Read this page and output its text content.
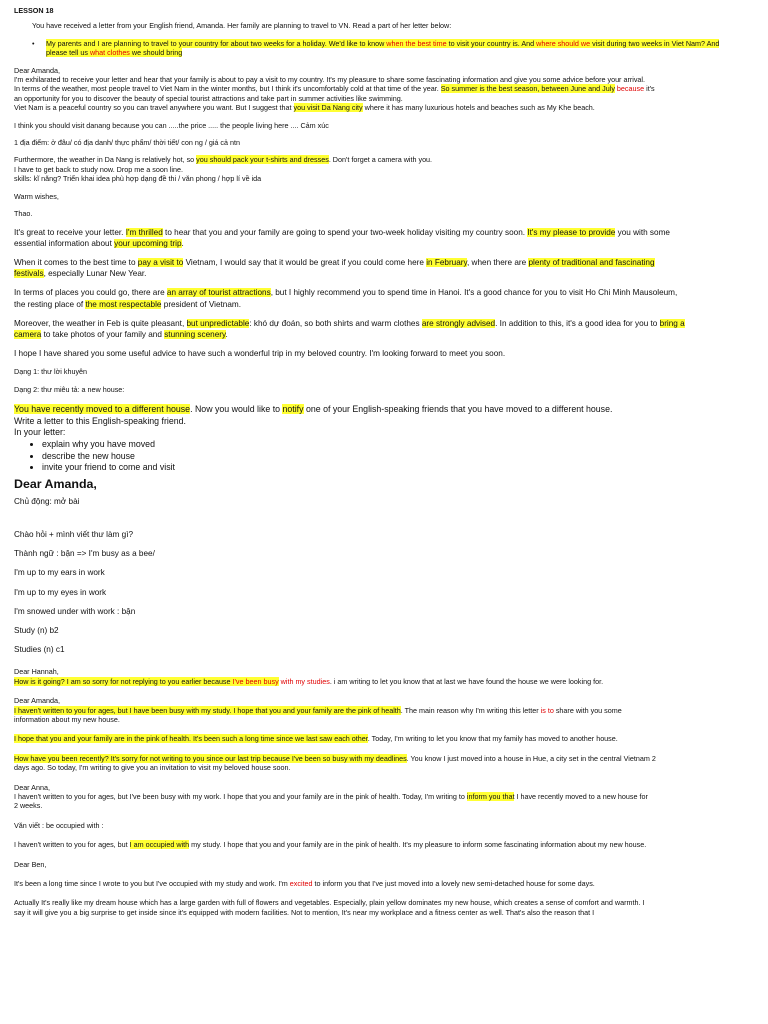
LESSON 18

You have received a letter from your English friend, Amanda. Her family are planning to travel to VN. Read a part of her letter below:

•	My parents and I are planning to travel to your country for about two weeks for a holiday. We'd like to know when the best time to visit your country is. And where should we visit during two weeks in Viet Nam? And

please tell us what clothes we should bring

Dear Amanda,

I'm exhilarated to receive your letter and hear that your family is about to pay a visit to my country. It's my pleasure to share some fascinating information and give you some advice before your arrival.

In terms of the weather, most people travel to Viet Nam in the winter months, but I think it's uncomfortably cold at that time of the year. So summer is the best season, between June and July because it's

an opportunity for you to discover the beauty of special tourist attractions and take part in summer activities like swimming.

Viet Nam is a peaceful country so you can travel anywhere you want. But I suggest that you visit Da Nang city where it has many luxurious hotels and beaches such as My Khe beach.

I think you should visit danang because you can .....the price ..... the people living here .... Cảm xúc

1 địa điểm: ở đâu/ có địa danh/ thực phẩm/ thời tiết/ con ng / giá cả ntn

Furthermore, the weather in Da Nang is relatively hot, so you should pack your t-shirts and dresses. Don't forget a camera with you.

I have to get back to study now. Drop me a soon line.

skills: kĩ năng? Triển khai idea phù hợp dạng đề thi / văn phong / hợp lí về ida

Warm wishes,

Thao.

It's great to receive your letter. I'm thrilled to hear that you and your family are going to spend your two-week holiday visiting my country soon. It's my please to provide you with some

essential information about your upcoming trip.

When it comes to the best time to pay a visit to Vietnam, I would say that it would be great if you could come here in February, when there are plenty of traditional and fascinating

festivals, especially Lunar New Year.

In terms of places you could go, there are an array of tourist attractions, but I highly recommend you to spend time in Hanoi. It's a good chance for you to visit Ho Chi Minh Mausoleum,

the resting place of the most respectable president of Vietnam.

Moreover, the weather in Feb is quite pleasant, but unpredictable: khó dự đoán, so both shirts and warm clothes are strongly advised. In addition to this, it's a good idea for you to bring a

camera to take photos of your family and stunning scenery.

I hope I have shared you some useful advice to have such a wonderful trip in my beloved country. I'm looking forward to meet you soon.

Dạng 1: thư lời khuyên

Dạng 2: thư miêu tả: a new house:

You have recently moved to a different house. Now you would like to notify one of your English-speaking friends that you have moved to a different house.

Write a letter to this English-speaking friend.

In your letter:

• explain why you have moved
• describe the new house
• invite your friend to come and visit

Dear Amanda,

Chủ động: mở bài

Chào hỏi + mình viết thư làm gì?

Thành ngữ : bận => I'm busy as a bee/

I'm up to my ears in work

I'm up to my eyes in work

I'm snowed under with work : bận

Study (n) b2

Studies (n) c1

Dear Hannah,

How is it going? I am so sorry for not replying to you earlier because I've been busy with my studies. i am writing to let you know that at last we have found the house we were looking for.

Dear Amanda,

I haven't written to you for ages, but I have been busy with my study. I hope that you and your family are the pink of health. The main reason why I'm writing this letter is to share with you some

information about my new house.

I hope that you and your family are in the pink of health. It's been such a long time since we last saw each other. Today, I'm writing to let you know that my family has moved to another house.

How have you been recently? It's sorry for not writing to you since our last trip because I've been so busy with my deadlines. You know I just moved into a house in Hue, a city set in the central Vietnam 2

days ago. So today, I'm writing to give you an invitation to visit my beloved house soon.

Dear Anna,

I haven't written to you for ages, but I've been busy with my work. I hope that you and your family are in the pink of health. Today, I'm writing to inform you that I have recently moved to a new house for

2 weeks.

Văn viết : be occupied with :

I haven't written to you for ages, but I am occupied with my study. I hope that you and your family are in the pink of health. It's my pleasure to inform some fascinating information about my new house.

Dear Ben,

It's been a long time since I wrote to you but I've occupied with my study and work. I'm excited to inform you that I've just moved into a lovely new semi-detached house for some days.

Actually It's really like my dream house which has a large garden with full of flowers and vegetables. Especially, plain yellow dominates my new house, which creates a sense of comfort and warmth. I

say it will give you a big surprise to get inside since it's equipped with modern facilities. Not to mention, It's near my workplace and a fitness center as well. That's also the reason that I
